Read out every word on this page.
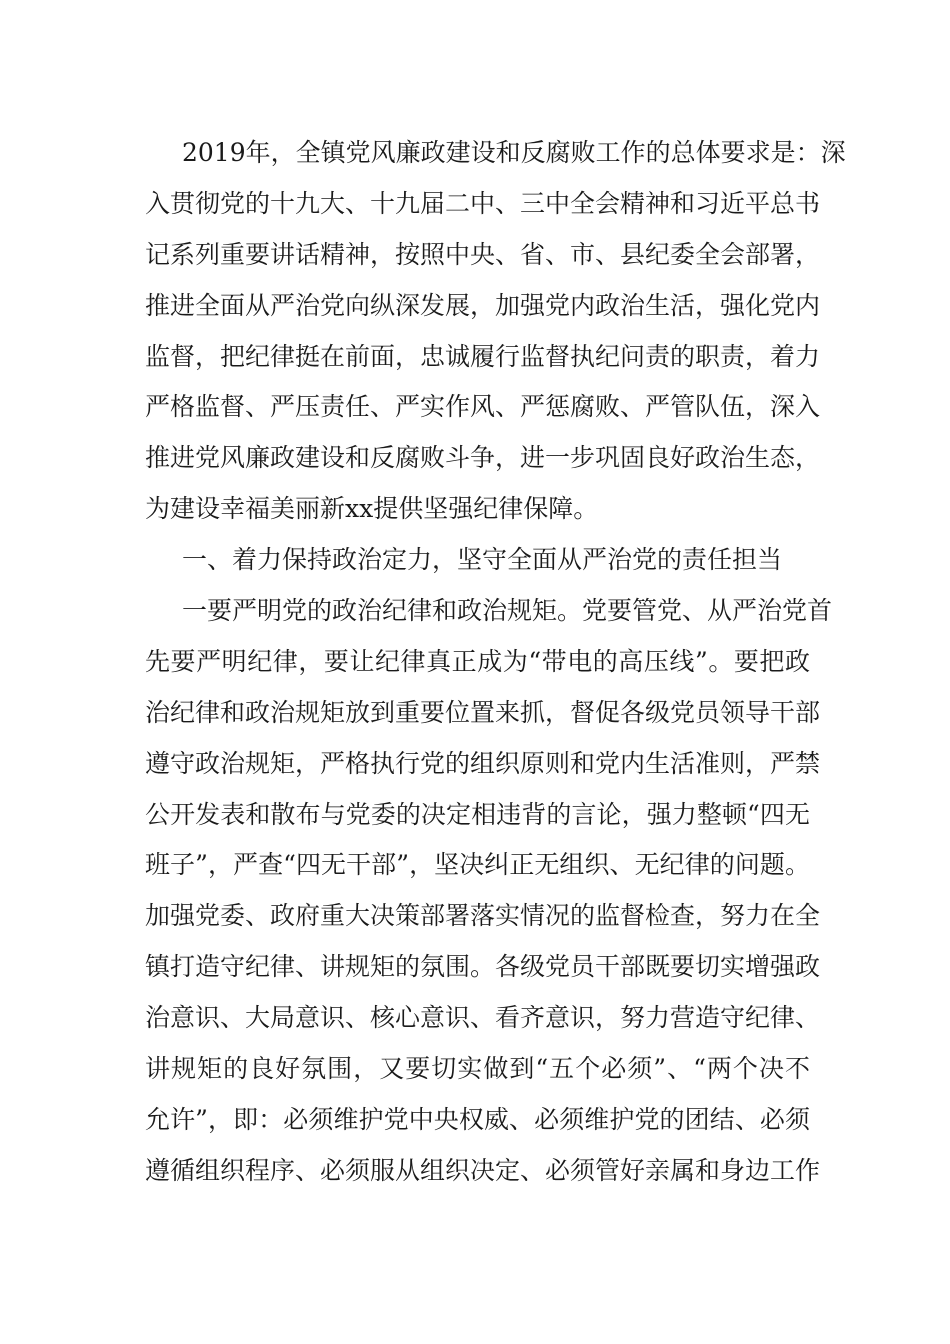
2019年，全镇党风廉政建设和反腐败工作的总体要求是：深
入贯彻党的十九大、十九届二中、三中全会精神和习近平总书
记系列重要讲话精神，按照中央、省、市、县纪委全会部署，
推进全面从严治党向纵深发展，加强党内政治生活，强化党内
监督，把纪律挺在前面，忠诚履行监督执纪问责的职责，着力
严格监督、严压责任、严实作风、严惩腐败、严管队伍，深入
推进党风廉政建设和反腐败斗争，进一步巩固良好政治生态，
为建设幸福美丽新xx提供坚强纪律保障。

一、着力保持政治定力，坚守全面从严治党的责任担当

一要严明党的政治纪律和政治规矩。党要管党、从严治党首
先要严明纪律，要让纪律真正成为“带电的高压线”。要把政
治纪律和政治规矩放到重要位置来抓，督促各级党员领导干部
遵守政治规矩，严格执行党的组织原则和党内生活准则，严禁
公开发表和散布与党委的决定相违背的言论，强力整顿“四无
班子”，严查“四无干部”，坚决纠正无组织、无纪律的问题。
加强党委、政府重大决策部署落实情况的监督检查，努力在全
镇打造守纪律、讲规矩的氛围。各级党员干部既要切实增强政
治意识、大局意识、核心意识、看齐意识，努力营造守纪律、
讲规矩的良好氛围，又要切实做到“五个必须”、“两个决不
允许”，即：必须维护党中央权威、必须维护党的团结、必须
遵循组织程序、必须服从组织决定、必须管好亲属和身边工作
